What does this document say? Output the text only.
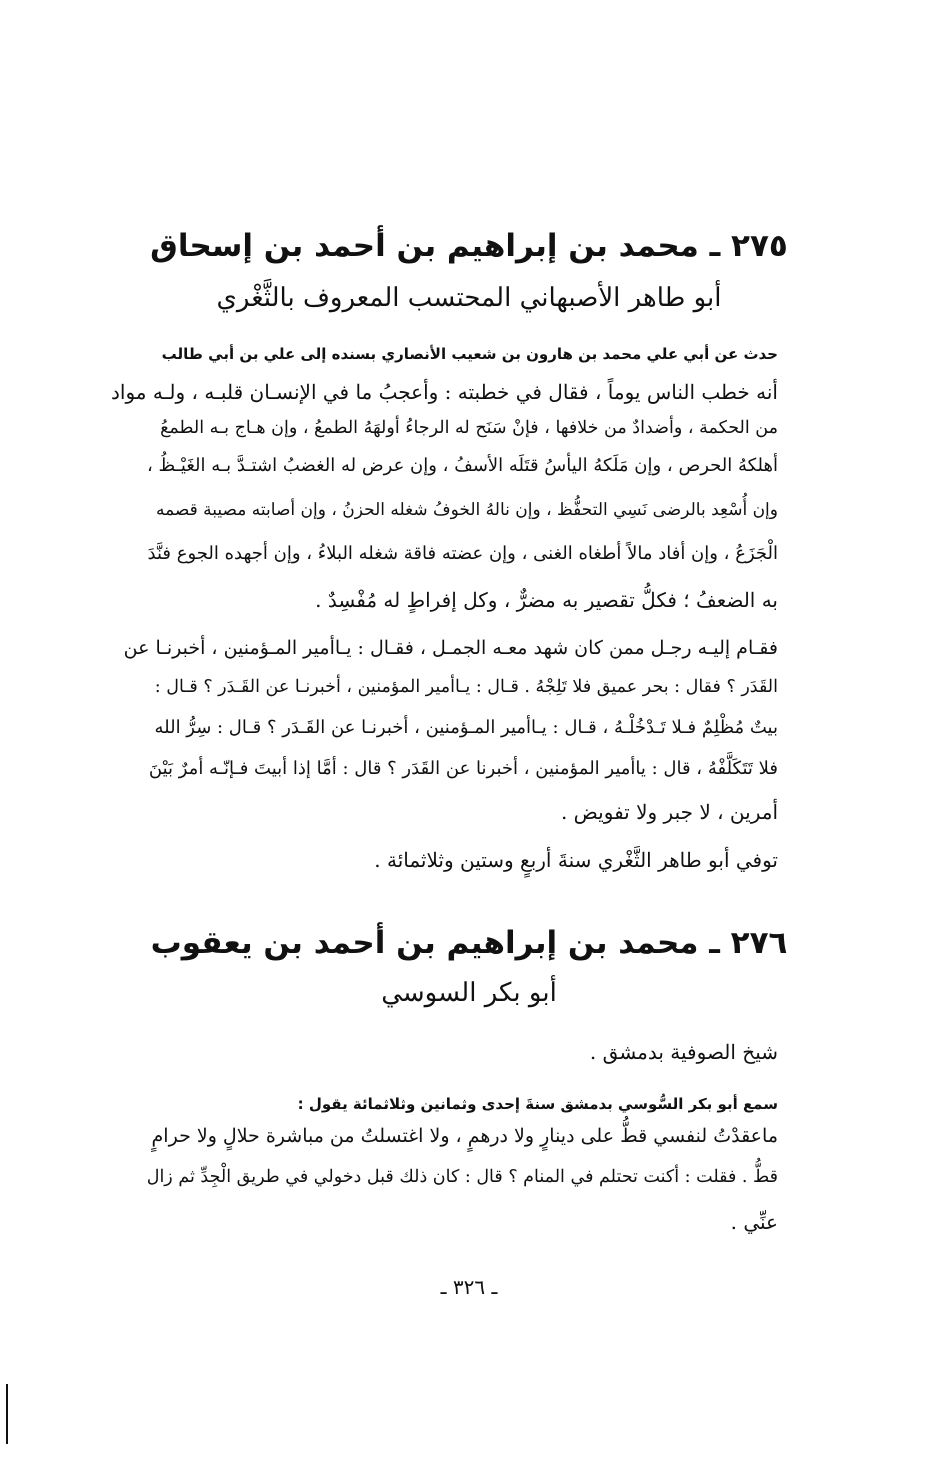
٢٧٥ ـ محمد بن إبراهيم بن أحمد بن إسحاق
أبو طاهر الأصبهاني المحتسب المعروف بالثَّغْري
حدث عن أبي علي محمد بن هارون بن شعيب الأنصاري بسنده إلى علي بن أبي طالب
أنه خطب الناس يوماً ، فقال في خطبته : وأعجبُ ما في الإنسـان قلبـه ، ولـه مواد
من الحكمة ، وأضدادٌ من خلافها ، فإنْ سَنَح له الرجاءُ أولهَهُ الطمعُ ، وإن هـاج بـه الطمعُ
أهلكهُ الحرص ، وإن مَلَكهُ اليأسُ قتَلَه الأسفُ ، وإن عرض له الغضبُ اشتـدَّ بـه الغَيْـظُ ،
وإن أُسْعِد بالرضى نَسِي التحفُّظ ، وإن نالهُ الخوفُ شغله الحزنُ ، وإن أصابته مصيبة قصمه
الْجَزَعُ ، وإن أفاد مالاً أطغاه الغنى ، وإن عضته فاقة شغله البلاءُ ، وإن أجهده الجوع فنَّدَ
به الضعفُ ؛ فكلُّ تقصير به مضرٌّ ، وكل إفراطٍ له مُفْسِدٌ .
فقـام إليـه رجـل ممن كان شهد معـه الجمـل ، فقـال : يـاأمير المـؤمنين ، أخبرنـا عن
القَدَر ؟ فقال : بحر عميق فلا تَلِجْهُ . قـال : يـاأمير المؤمنين ، أخبرنـا عن القَـدَر ؟ قـال :
بيتٌ مُظْلِمٌ فـلا تَـدْخُلْـهُ ، قـال : يـاأمير المـؤمنين ، أخبرنـا عن القَـدَر ؟ قـال : سِرُّ الله
فلا تَتَكَلَّفْهُ ، قال : ياأمير المؤمنين ، أخبرنا عن القَدَر ؟ قال : أمَّا إذا أبيتَ فـإنّـه أمرٌ بَيْنَ
أمرين ، لا جبر ولا تفويض .
توفي أبو طاهر الثَّغْري سنةَ أربعٍ وستين وثلاثمائة .
٢٧٦ ـ محمد بن إبراهيم بن أحمد بن يعقوب
أبو بكر السوسي
شيخ الصوفية بدمشق .
سمع أبو بكر السُّوسي بدمشق سنةَ إحدى وثمانين وثلاثمائة يقول :
ماعقدْتُ لنفسي قطُّ على دينارٍ ولا درهمٍ ، ولا اغتسلتُ من مباشرة حلالٍ ولا حرامٍ
قطُّ . فقلت : أكنت تحتلم في المنام ؟ قال : كان ذلك قبل دخولي في طريق الْجِدِّ ثم زال
عنِّي .
ـ ٣٢٦ ـ
